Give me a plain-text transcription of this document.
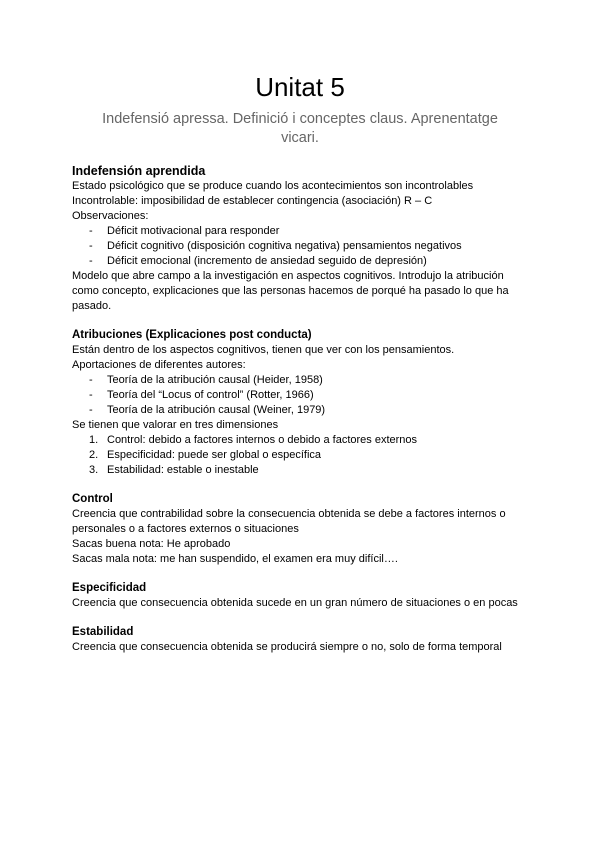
Unitat 5
Indefensió apressa. Definició i conceptes claus. Aprenentatge vicari.
Indefensión aprendida

Estado psicológico que se produce cuando los acontecimientos son incontrolables

Incontrolable: imposibilidad de establecer contingencia (asociación) R – C

Observaciones:

- Déficit motivacional para responder
- Déficit cognitivo (disposición cognitiva negativa) pensamientos negativos
- Déficit emocional (incremento de ansiedad seguido de depresión)

Modelo que abre campo a la investigación en aspectos cognitivos. Introdujo la atribución como concepto, explicaciones que las personas hacemos de porqué ha pasado lo que ha pasado.

Atribuciones (Explicaciones post conducta)

Están dentro de los aspectos cognitivos, tienen que ver con los pensamientos.

Aportaciones de diferentes autores:

- Teoría de la atribución causal (Heider, 1958)
- Teoría del “Locus of control” (Rotter, 1966)
- Teoría de la atribución causal (Weiner, 1979)

Se tienen que valorar en tres dimensiones

1. Control: debido a factores internos o debido a factores externos
2. Especificidad: puede ser global o específica
3. Estabilidad: estable o inestable
Control

Creencia que contrabilidad sobre la consecuencia obtenida se debe a factores internos o personales o a factores externos o situaciones

Sacas buena nota: He aprobado

Sacas mala nota: me han suspendido, el examen era muy difícil….

Especificidad

Creencia que consecuencia obtenida sucede en un gran número de situaciones o en pocas

Estabilidad

Creencia que consecuencia obtenida se producirá siempre o no, solo de forma temporal
